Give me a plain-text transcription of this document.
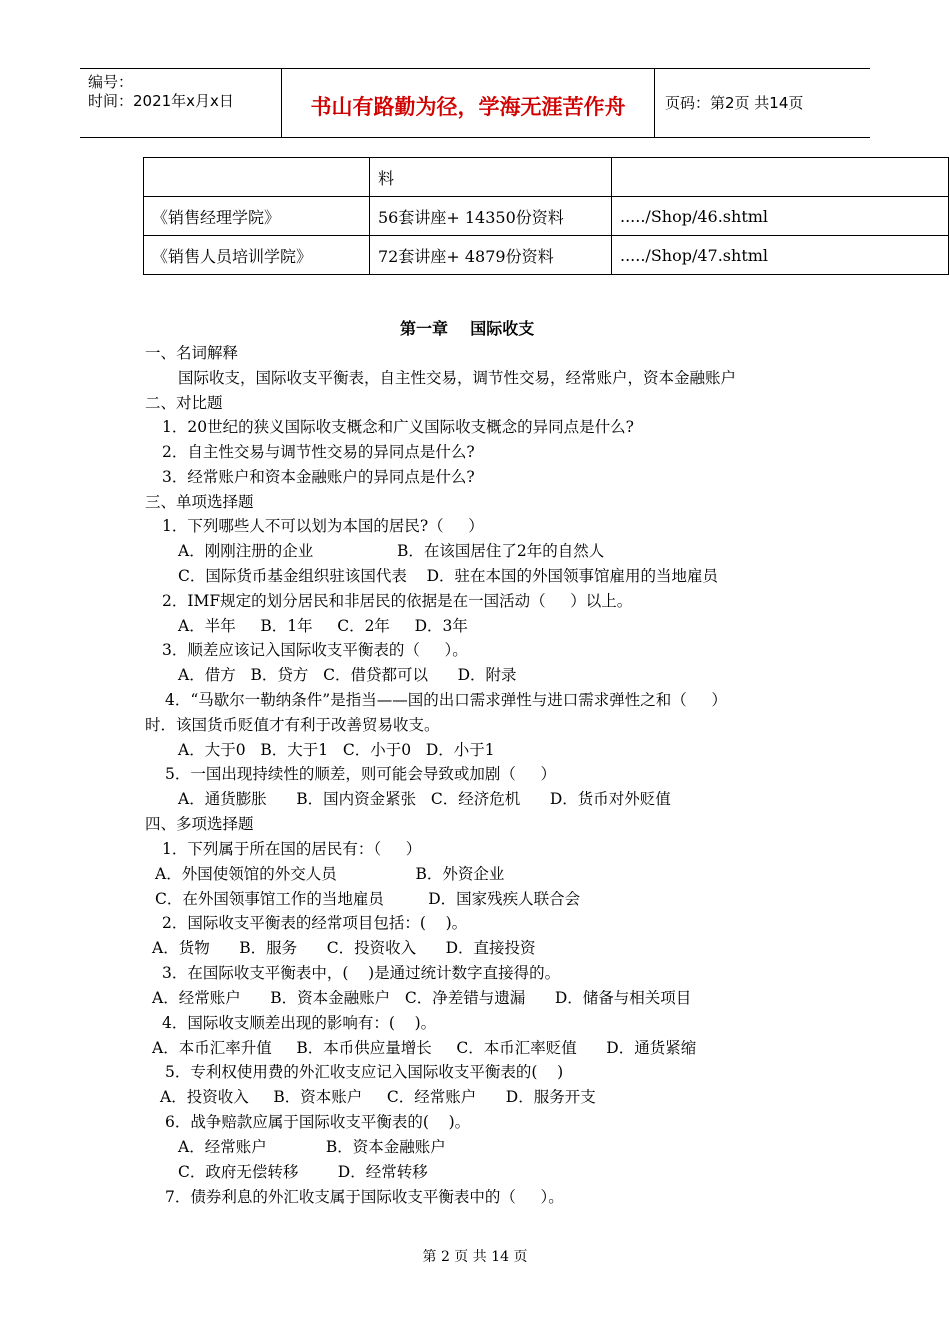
编号：
时间：2021年x月x日	书山有路勤为径，学海无涯苦作舟	页码：第2页 共14页
	料	
《销售经理学院》	56套讲座+ 14350份资料	...../Shop/46.shtml
《销售人员培训学院》	72套讲座+ 4879份资料	...../Shop/47.shtml
第一章    国际收支
一、名词解释
国际收支，国际收支平衡表，自主性交易，调节性交易，经常账户，资本金融账户
二、对比题
1．20世纪的狭义国际收支概念和广义国际收支概念的异同点是什么?
2．自主性交易与调节性交易的异同点是什么?
3．经常账户和资本金融账户的异同点是什么?
三、单项选择题
1．下列哪些人不可以划为本国的居民?（     ）
A．刚刚注册的企业                 B．在该国居住了2年的自然人
C．国际货币基金组织驻该国代表    D．驻在本国的外国领事馆雇用的当地雇员
2．IMF规定的划分居民和非居民的依据是在一国活动（     ）以上。
A．半年     B．1年     C．2年     D．3年
3．顺差应该记入国际收支平衡表的（     ）。
A．借方   B．贷方   C．借贷都可以      D．附录
4．“马歇尔一勒纳条件”是指当——国的出口需求弹性与进口需求弹性之和（     ）
时．该国货币贬值才有利于改善贸易收支。
A．大于0   B．大于1   C．小于0   D．小于1
5．一国出现持续性的顺差，则可能会导致或加剧（     ）
A．通货膨胀      B．国内资金紧张   C．经济危机      D．货币对外贬值
四、多项选择题
1．下列属于所在国的居民有：（     ）
A．外国使领馆的外交人员                B．外资企业
C．在外国领事馆工作的当地雇员         D．国家残疾人联合会
2．国际收支平衡表的经常项目包括：(    )。
A．货物      B．服务      C．投资收入      D．直接投资
3．在国际收支平衡表中，(    )是通过统计数字直接得的。
A．经常账户      B．资本金融账户   C．净差错与遗漏      D．储备与相关项目
4．国际收支顺差出现的影响有：(    )。
A．本币汇率升值     B．本币供应量增长     C．本币汇率贬值      D．通货紧缩
5．专利权使用费的外汇收支应记入国际收支平衡表的(    )
A．投资收入     B．资本账户     C．经常账户      D．服务开支
6．战争赔款应属于国际收支平衡表的(    )。
A．经常账户            B．资本金融账户
C．政府无偿转移        D．经常转移
7．债券利息的外汇收支属于国际收支平衡表中的（     ）。
第 2 页 共 14 页
